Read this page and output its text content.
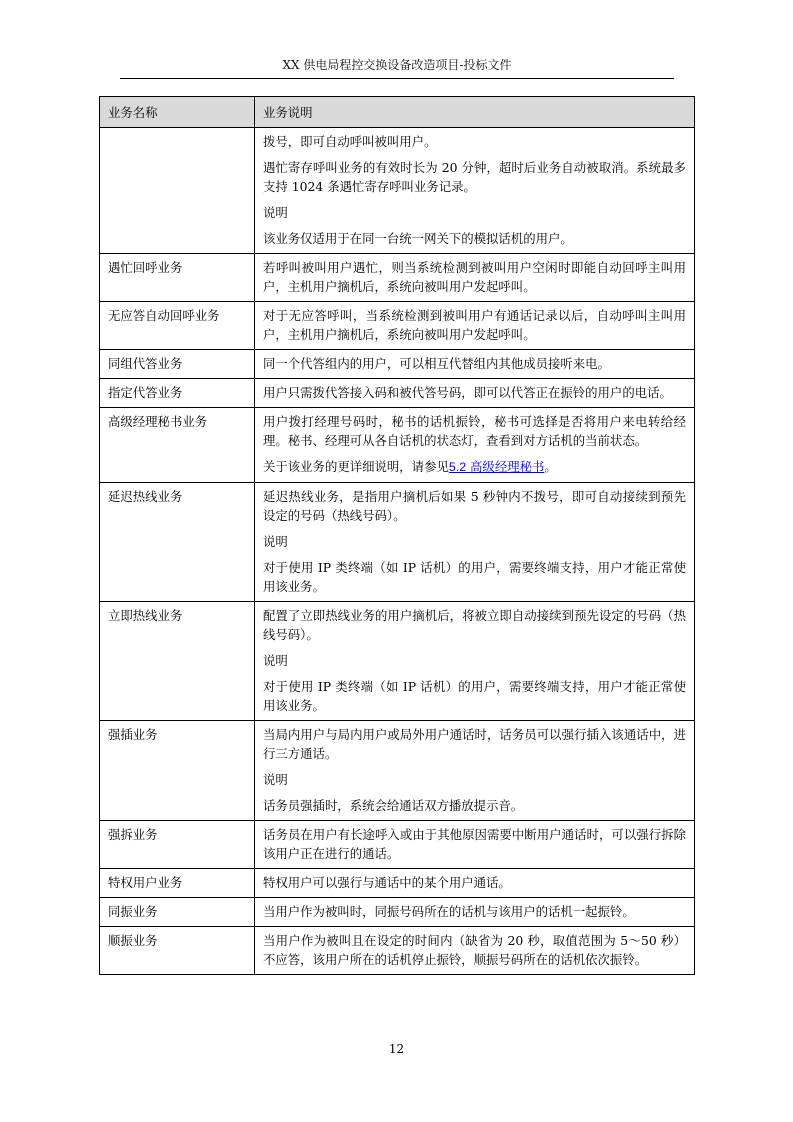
XX 供电局程控交换设备改造项目-投标文件
业务名称	业务说明

	拨号，即可自动呼叫被叫用户。

遇忙寄存呼叫业务的有效时长为 20 分钟，超时后业务自动被取消。系统最多支持 1024 条遇忙寄存呼叫业务记录。

说明

该业务仅适用于在同一台统一网关下的模拟话机的用户。

遇忙回呼业务	若呼叫被叫用户遇忙，则当系统检测到被叫用户空闲时即能自动回呼主叫用户，主机用户摘机后，系统向被叫用户发起呼叫。

无应答自动回呼业务	对于无应答呼叫，当系统检测到被叫用户有通话记录以后，自动呼叫主叫用户，主机用户摘机后，系统向被叫用户发起呼叫。

同组代答业务	同一个代答组内的用户，可以相互代替组内其他成员接听来电。

指定代答业务	用户只需拨代答接入码和被代答号码，即可以代答正在振铃的用户的电话。

高级经理秘书业务	用户拨打经理号码时，秘书的话机振铃，秘书可选择是否将用户来电转给经理。秘书、经理可从各自话机的状态灯，查看到对方话机的当前状态。

关于该业务的更详细说明，请参见5.2 高级经理秘书。

延迟热线业务	延迟热线业务，是指用户摘机后如果 5 秒钟内不拨号，即可自动接续到预先设定的号码（热线号码）。

说明

对于使用 IP 类终端（如 IP 话机）的用户，需要终端支持，用户才能正常使用该业务。

立即热线业务	配置了立即热线业务的用户摘机后，将被立即自动接续到预先设定的号码（热线号码）。

说明

对于使用 IP 类终端（如 IP 话机）的用户，需要终端支持，用户才能正常使用该业务。

强插业务	当局内用户与局内用户或局外用户通话时，话务员可以强行插入该通话中，进行三方通话。

说明

话务员强插时，系统会给通话双方播放提示音。

强拆业务	话务员在用户有长途呼入或由于其他原因需要中断用户通话时，可以强行拆除该用户正在进行的通话。

特权用户业务	特权用户可以强行与通话中的某个用户通话。

同振业务	当用户作为被叫时，同振号码所在的话机与该用户的话机一起振铃。

顺振业务	当用户作为被叫且在设定的时间内（缺省为 20 秒，取值范围为 5～50 秒）不应答，该用户所在的话机停止振铃，顺振号码所在的话机依次振铃。

12
